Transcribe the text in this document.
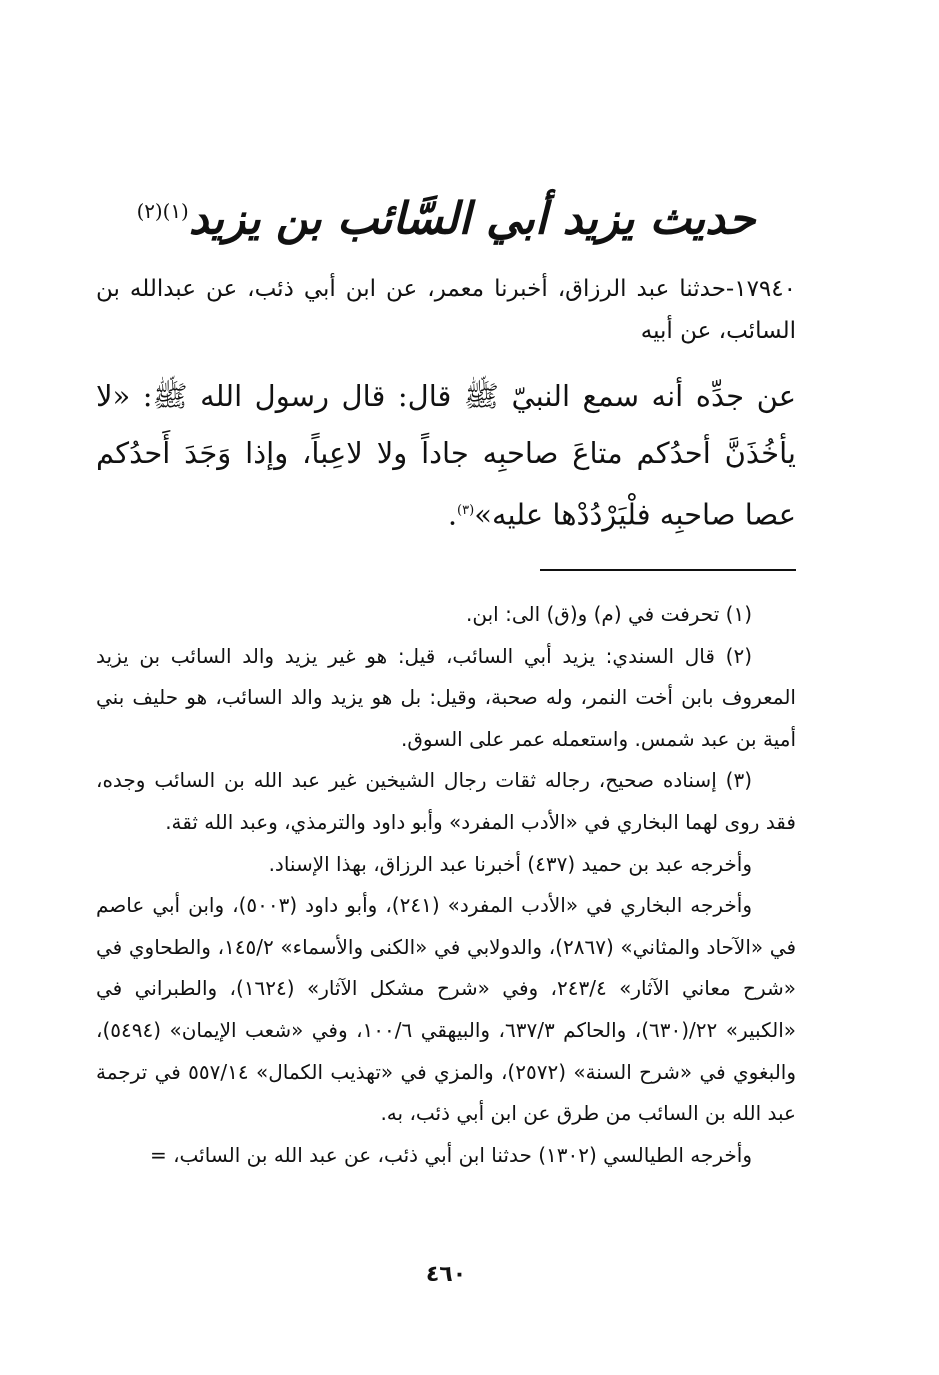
حديث يزيد أبي السَّائب بن يزيد$^{(١)(٢)}$
١٧٩٤٠-حدثنا عبد الرزاق، أخبرنا معمر، عن ابن أبي ذئب، عن عبدالله بن السائب، عن أبيه
عن جدِّه أنه سمع النبيّ ﷺ قال: قال رسول الله ﷺ: «لا يأخُذَنَّ أحدُكم متاعَ صاحبِه جاداً ولا لاعِباً، وإذا وَجَدَ أَحدُكم عصا صاحبِه فلْيَرْدُدْها عليه»$^{(٣)}$.

(١) تحرفت في (م) و(ق) الى: ابن.

(٢) قال السندي: يزيد أبي السائب، قيل: هو غير يزيد والد السائب بن يزيد المعروف بابن أخت النمر، وله صحبة، وقيل: بل هو يزيد والد السائب، هو حليف بني أمية بن عبد شمس. واستعمله عمر على السوق.

(٣) إسناده صحيح، رجاله ثقات رجال الشيخين غير عبد الله بن السائب وجده، فقد روى لهما البخاري في «الأدب المفرد» وأبو داود والترمذي، وعبد الله ثقة.

وأخرجه عبد بن حميد (٤٣٧) أخبرنا عبد الرزاق، بهذا الإسناد.

وأخرجه البخاري في «الأدب المفرد» (٢٤١)، وأبو داود (٥٠٠٣)، وابن أبي عاصم في «الآحاد والمثاني» (٢٨٦٧)، والدولابي في «الكنى والأسماء» ١٤٥/٢، والطحاوي في «شرح معاني الآثار» ٢٤٣/٤، وفي «شرح مشكل الآثار» (١٦٢٤)، والطبراني في «الكبير» ٢٢/(٦٣٠)، والحاكم ٦٣٧/٣، والبيهقي ١٠٠/٦، وفي «شعب الإيمان» (٥٤٩٤)، والبغوي في «شرح السنة» (٢٥٧٢)، والمزي في «تهذيب الكمال» ٥٥٧/١٤ في ترجمة عبد الله بن السائب من طرق عن ابن أبي ذئب، به.

وأخرجه الطيالسي (١٣٠٢) حدثنا ابن أبي ذئب، عن عبد الله بن السائب، =

٤٦٠
